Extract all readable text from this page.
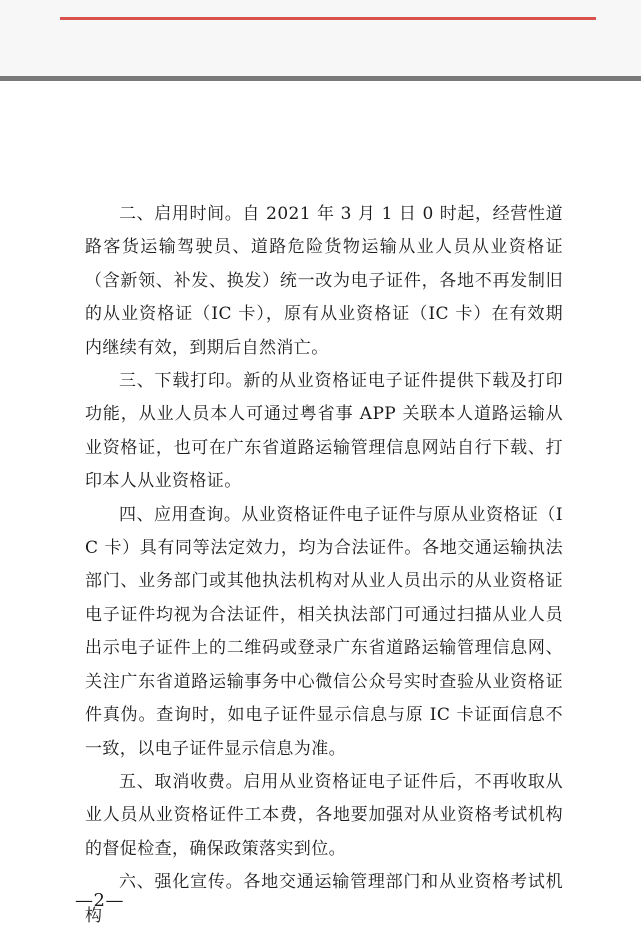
二、启用时间。自 2021 年 3 月 1 日 0 时起，经营性道路客货运输驾驶员、道路危险货物运输从业人员从业资格证（含新领、补发、换发）统一改为电子证件，各地不再发制旧的从业资格证（IC 卡），原有从业资格证（IC 卡）在有效期内继续有效，到期后自然消亡。

三、下载打印。新的从业资格证电子证件提供下载及打印功能，从业人员本人可通过粤省事 APP 关联本人道路运输从业资格证，也可在广东省道路运输管理信息网站自行下载、打印本人从业资格证。

四、应用查询。从业资格证件电子证件与原从业资格证（IC 卡）具有同等法定效力，均为合法证件。各地交通运输执法部门、业务部门或其他执法机构对从业人员出示的从业资格证电子证件均视为合法证件，相关执法部门可通过扫描从业人员出示电子证件上的二维码或登录广东省道路运输管理信息网、关注广东省道路运输事务中心微信公众号实时查验从业资格证件真伪。查询时，如电子证件显示信息与原 IC 卡证面信息不一致，以电子证件显示信息为准。

五、取消收费。启用从业资格证电子证件后，不再收取从业人员从业资格证件工本费，各地要加强对从业资格考试机构的督促检查，确保政策落实到位。

六、强化宣传。各地交通运输管理部门和从业资格考试机构

—2—
